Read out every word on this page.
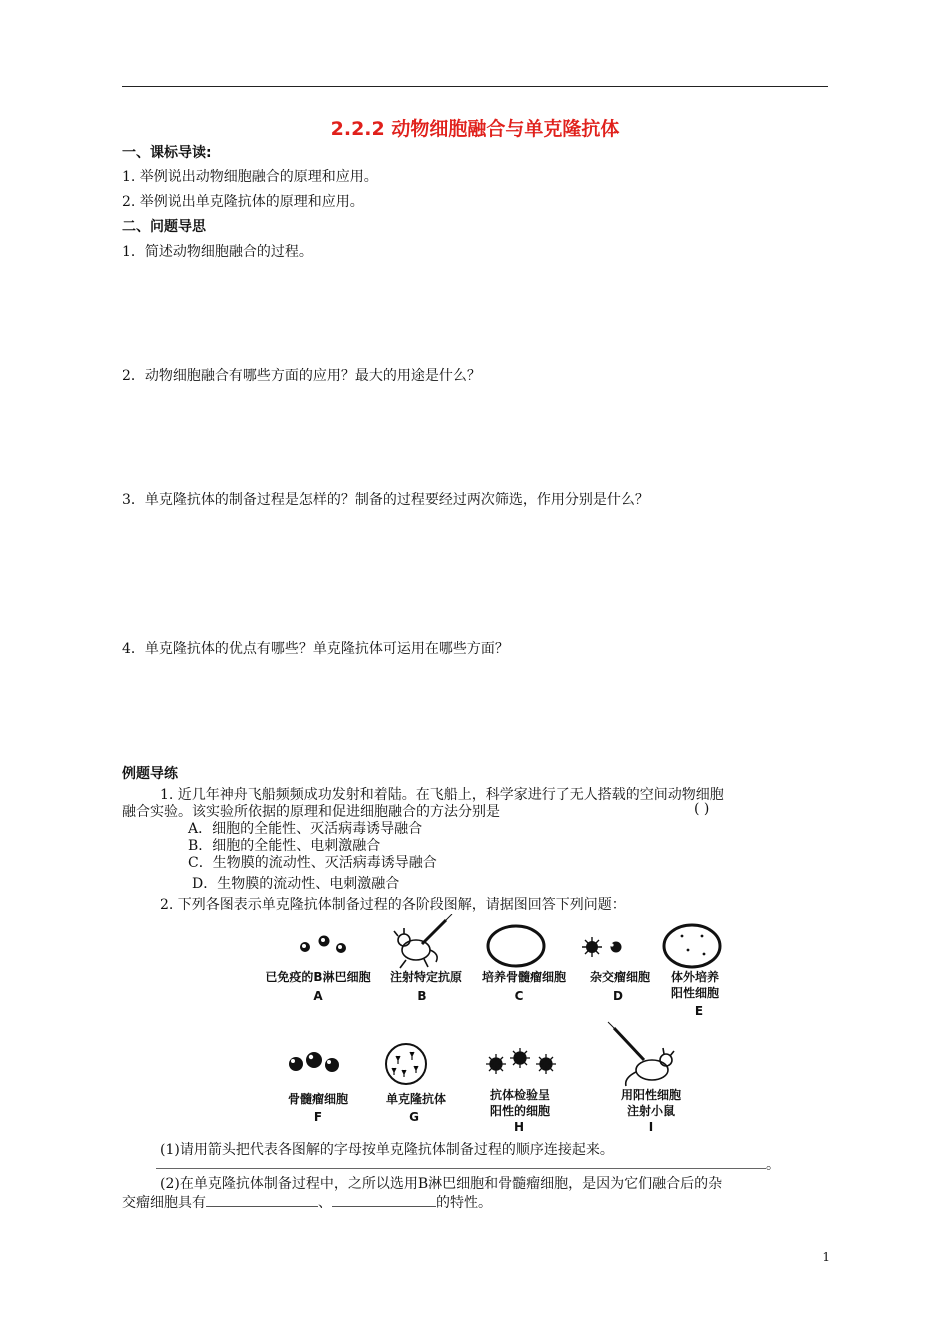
2.2.2 动物细胞融合与单克隆抗体
一、课标导读:
1. 举例说出动物细胞融合的原理和应用。
2. 举例说出单克隆抗体的原理和应用。
二、问题导思
1．简述动物细胞融合的过程。
2．动物细胞融合有哪些方面的应用？最大的用途是什么？
3．单克隆抗体的制备过程是怎样的？制备的过程要经过两次筛选，作用分别是什么？
4．单克隆抗体的优点有哪些？单克隆抗体可运用在哪些方面？
例题导练
1. 近几年神舟飞船频频成功发射和着陆。在飞船上，科学家进行了无人搭载的空间动物细胞
融合实验。该实验所依据的原理和促进细胞融合的方法分别是	( )
A．细胞的全能性、灭活病毒诱导融合
B．细胞的全能性、电刺激融合
C．生物膜的流动性、灭活病毒诱导融合
D．生物膜的流动性、电刺激融合
2. 下列各图表示单克隆抗体制备过程的各阶段图解，请据图回答下列问题：
已免疫的B淋巴细胞
A
注射特定抗原
B
培养骨髓瘤细胞
C
杂交瘤细胞
D
体外培养
阳性细胞
E
骨髓瘤细胞
F
单克隆抗体
G
抗体检验呈
阳性的细胞
H
用阳性细胞
注射小鼠
I
(1)请用箭头把代表各图解的字母按单克隆抗体制备过程的顺序连接起来。
。
(2)在单克隆抗体制备过程中，之所以选用B淋巴细胞和骨髓瘤细胞，是因为它们融合后的杂
交瘤细胞具有	、	的特性。
1
